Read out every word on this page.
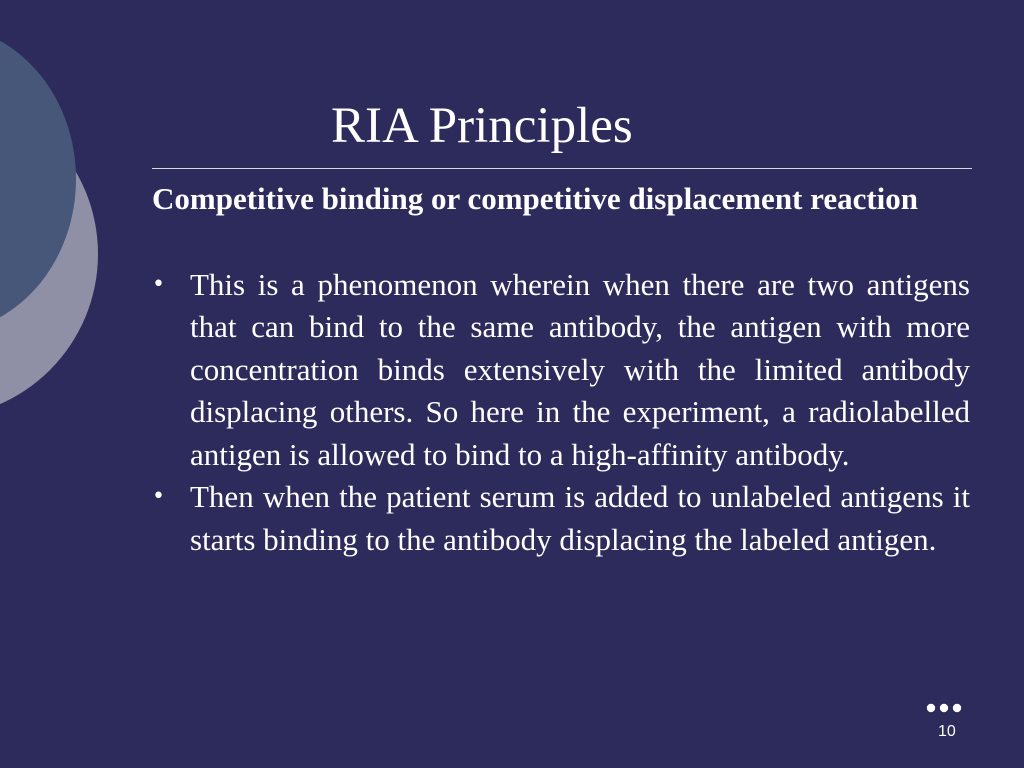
RIA Principles

Competitive binding or competitive displacement reaction

• This is a phenomenon wherein when there are two antigens that can bind to the same antibody, the antigen with more concentration binds extensively with the limited antibody displacing others. So here in the experiment, a radiolabelled antigen is allowed to bind to a high-affinity antibody.
• Then when the patient serum is added to unlabeled antigens it starts binding to the antibody displacing the labeled antigen.
10
